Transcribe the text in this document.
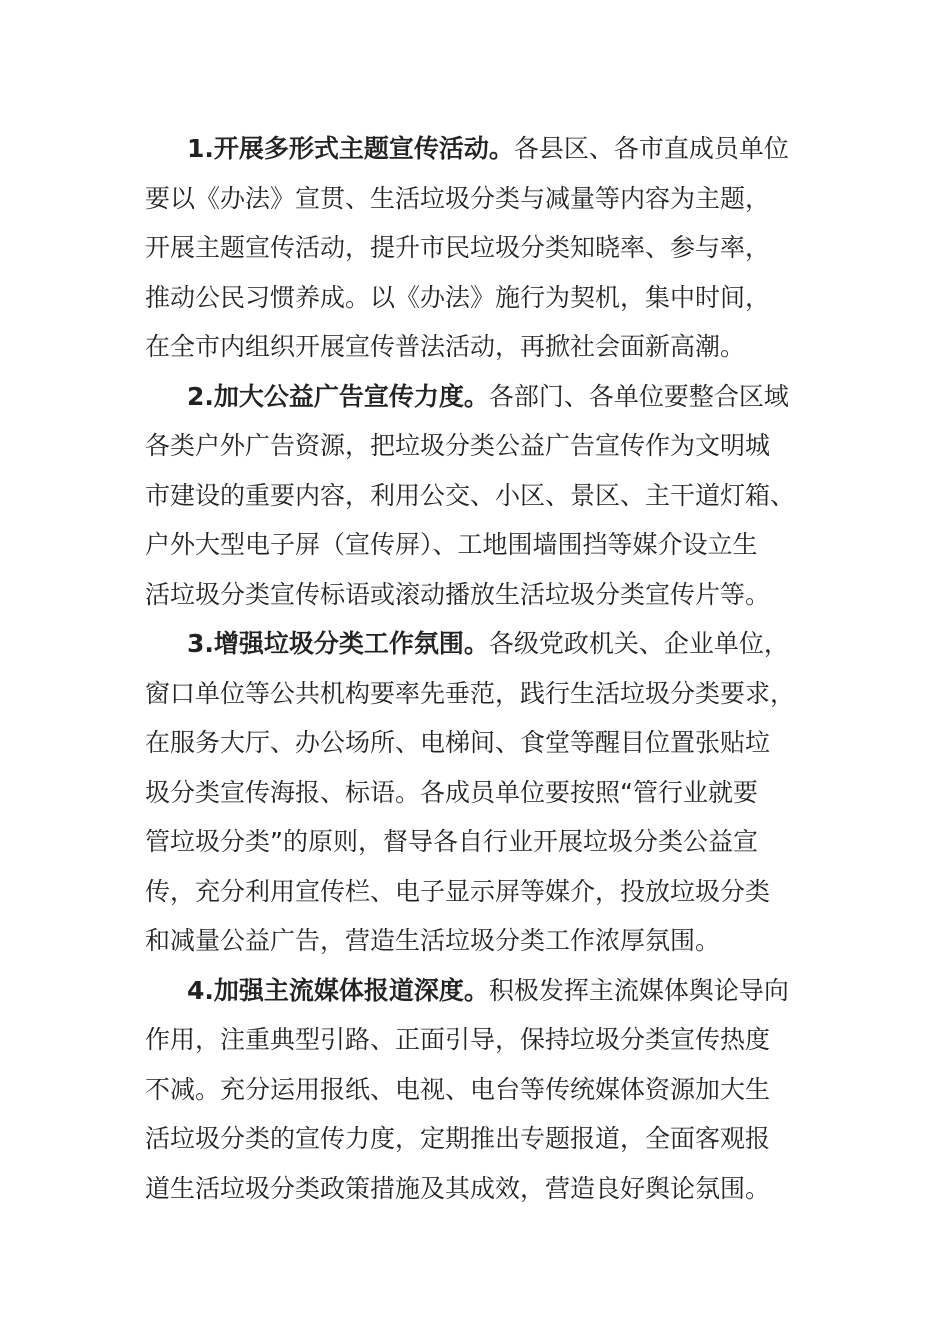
1.开展多形式主题宣传活动。各县区、各市直成员单位
要以《办法》宣贯、生活垃圾分类与减量等内容为主题，
开展主题宣传活动，提升市民垃圾分类知晓率、参与率，
推动公民习惯养成。以《办法》施行为契机，集中时间，
在全市内组织开展宣传普法活动，再掀社会面新高潮。
2.加大公益广告宣传力度。各部门、各单位要整合区域
各类户外广告资源，把垃圾分类公益广告宣传作为文明城
市建设的重要内容，利用公交、小区、景区、主干道灯箱、
户外大型电子屏（宣传屏）、工地围墙围挡等媒介设立生
活垃圾分类宣传标语或滚动播放生活垃圾分类宣传片等。
3.增强垃圾分类工作氛围。各级党政机关、企业单位，
窗口单位等公共机构要率先垂范，践行生活垃圾分类要求，
在服务大厅、办公场所、电梯间、食堂等醒目位置张贴垃
圾分类宣传海报、标语。各成员单位要按照“管行业就要
管垃圾分类”的原则，督导各自行业开展垃圾分类公益宣
传，充分利用宣传栏、电子显示屏等媒介，投放垃圾分类
和减量公益广告，营造生活垃圾分类工作浓厚氛围。
4.加强主流媒体报道深度。积极发挥主流媒体舆论导向
作用，注重典型引路、正面引导，保持垃圾分类宣传热度
不减。充分运用报纸、电视、电台等传统媒体资源加大生
活垃圾分类的宣传力度，定期推出专题报道，全面客观报
道生活垃圾分类政策措施及其成效，营造良好舆论氛围。
